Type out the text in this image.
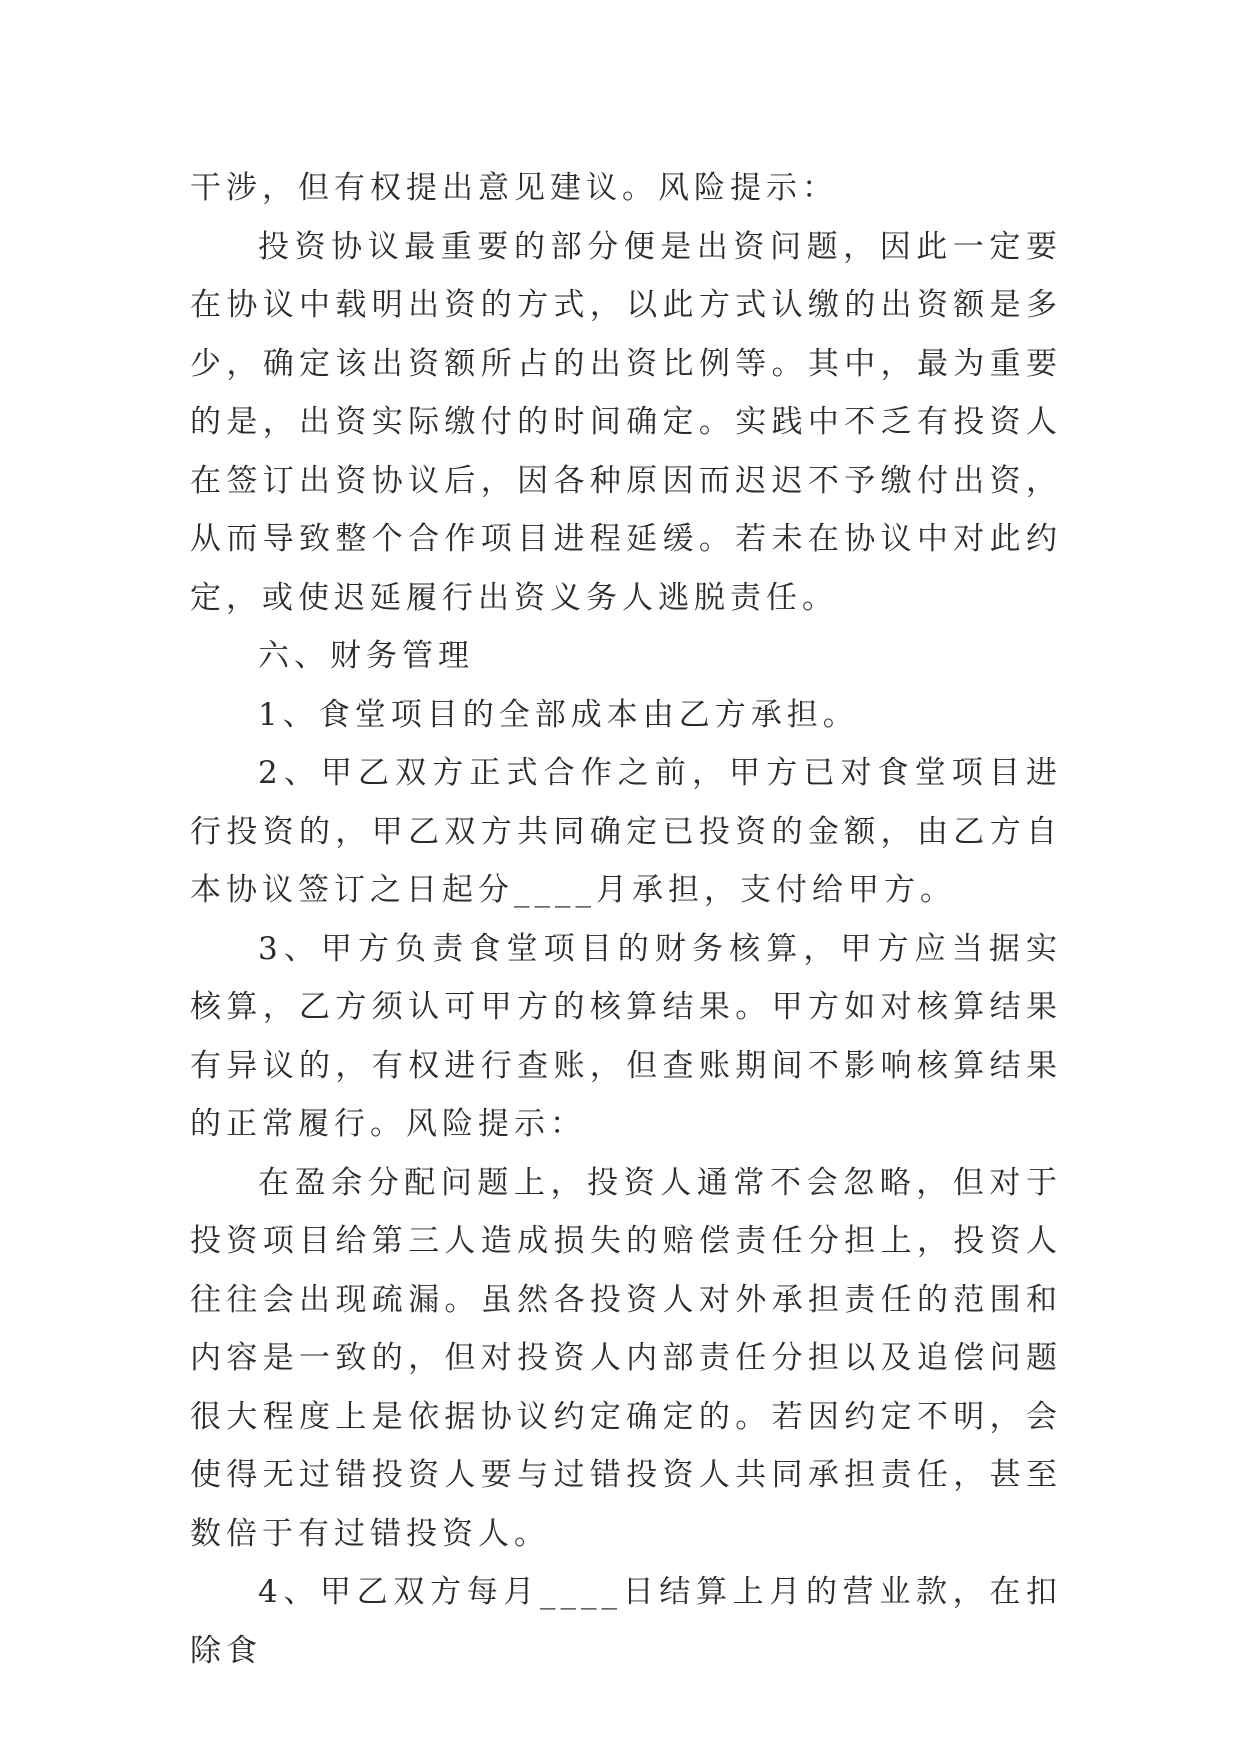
干涉，但有权提出意见建议。风险提示：

投资协议最重要的部分便是出资问题，因此一定要在协议中载明出资的方式，以此方式认缴的出资额是多少，确定该出资额所占的出资比例等。其中，最为重要的是，出资实际缴付的时间确定。实践中不乏有投资人在签订出资协议后，因各种原因而迟迟不予缴付出资，从而导致整个合作项目进程延缓。若未在协议中对此约定，或使迟延履行出资义务人逃脱责任。

六、财务管理

1、食堂项目的全部成本由乙方承担。

2、甲乙双方正式合作之前，甲方已对食堂项目进行投资的，甲乙双方共同确定已投资的金额，由乙方自本协议签订之日起分____月承担，支付给甲方。

3、甲方负责食堂项目的财务核算，甲方应当据实核算，乙方须认可甲方的核算结果。甲方如对核算结果有异议的，有权进行查账，但查账期间不影响核算结果的正常履行。风险提示：

在盈余分配问题上，投资人通常不会忽略，但对于投资项目给第三人造成损失的赔偿责任分担上，投资人往往会出现疏漏。虽然各投资人对外承担责任的范围和内容是一致的，但对投资人内部责任分担以及追偿问题很大程度上是依据协议约定确定的。若因约定不明，会使得无过错投资人要与过错投资人共同承担责任，甚至数倍于有过错投资人。

4、甲乙双方每月____日结算上月的营业款，在扣除食
